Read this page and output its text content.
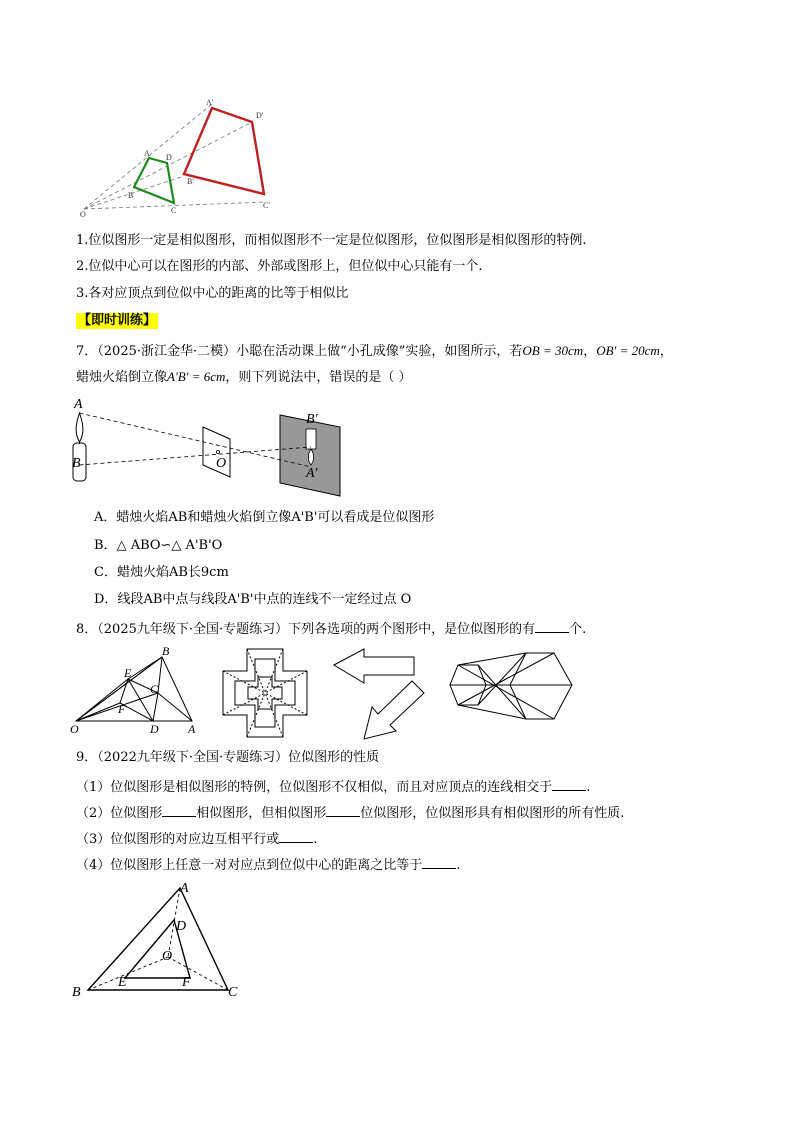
A'
D'
A D
B
C
B'
C'
O
1.位似图形一定是相似图形，而相似图形不一定是位似图形，位似图形是相似图形的特例.
2.位似中心可以在图形的内部、外部或图形上，但位似中心只能有一个.
3.各对应顶点到位似中心的距离的比等于相似比
【即时训练】
7．（2025·浙江金华·二模）小聪在活动课上做“小孔成像”实验，如图所示，若OB = 30cm，OB' = 20cm，
蜡烛火焰倒立像A'B' = 6cm，则下列说法中，错误的是（ ）
A
B	O
B'
A'
A．蜡烛火焰AB和蜡烛火焰倒立像A'B'可以看成是位似图形
B．△ ABO∽△ A'B'O
C．蜡烛火焰AB长9cm
D．线段AB中点与线段A'B'中点的连线不一定经过点 O
8．（2025九年级下·全国·专题练习）下列各选项的两个图形中，是位似图形的有	个.
B
E
C
F
O	D A
9．（2022九年级下·全国·专题练习）位似图形的性质
（1）位似图形是相似图形的特例，位似图形不仅相似，而且对应顶点的连线相交于	.
（2）位似图形	相似图形，但相似图形	位似图形，位似图形具有相似图形的所有性质.
（3）位似图形的对应边互相平行或	.
（4）位似图形上任意一对对应点到位似中心的距离之比等于	.
A
D
O
B
E	F
C
